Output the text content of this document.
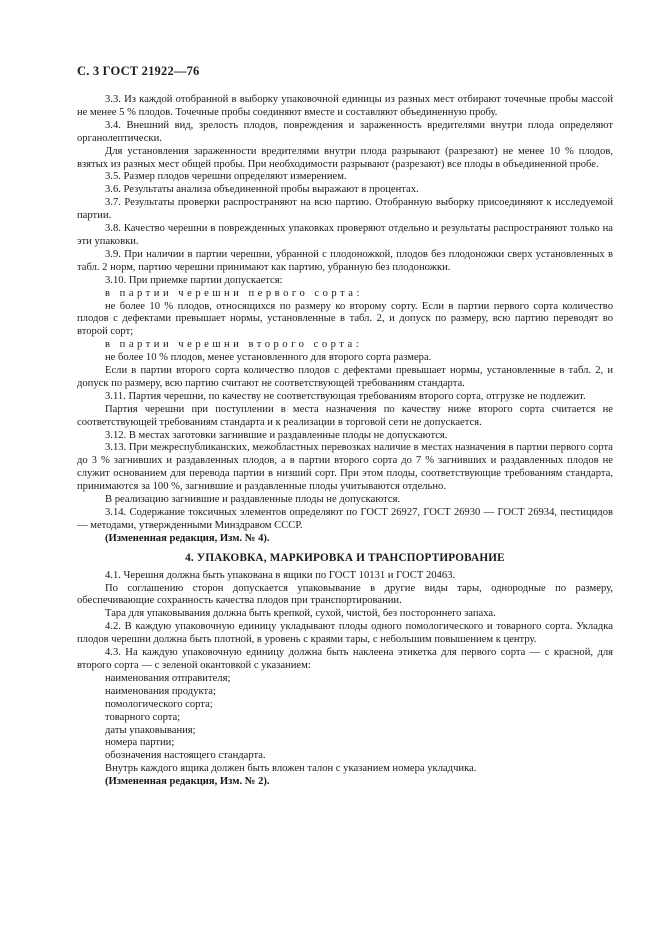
С. 3 ГОСТ 21922—76

3.3. Из каждой отобранной в выборку упаковочной единицы из разных мест отбирают точечные пробы массой не менее 5 % плодов. Точечные пробы соединяют вместе и составляют объединенную пробу.

3.4. Внешний вид, зрелость плодов, повреждения и зараженность вредителями внутри плода определяют органолептически.

Для установления зараженности вредителями внутри плода разрывают (разрезают) не менее 10 % плодов, взятых из разных мест общей пробы. При необходимости разрывают (разрезают) все плоды в объединенной пробе.

3.5. Размер плодов черешни определяют измерением.

3.6. Результаты анализа объединенной пробы выражают в процентах.

3.7. Результаты проверки распространяют на всю партию. Отобранную выборку присоединяют к исследуемой партии.

3.8. Качество черешни в поврежденных упаковках проверяют отдельно и результаты распространяют только на эти упаковки.

3.9. При наличии в партии черешни, убранной с плодоножкой, плодов без плодоножки сверх установленных в табл. 2 норм, партию черешни принимают как партию, убранную без плодоножки.

3.10. При приемке партии допускается:

в партии черешни первого сорта:

не более 10 % плодов, относящихся по размеру ко второму сорту. Если в партии первого сорта количество плодов с дефектами превышает нормы, установленные в табл. 2, и допуск по размеру, всю партию переводят во второй сорт;

в партии черешни второго сорта:

не более 10 % плодов, менее установленного для второго сорта размера.

Если в партии второго сорта количество плодов с дефектами превышает нормы, установленные в табл. 2, и допуск по размеру, всю партию считают не соответствующей требованиям стандарта.

3.11. Партия черешни, по качеству не соответствующая требованиям второго сорта, отгрузке не подлежит.

Партия черешни при поступлении в места назначения по качеству ниже второго сорта считается не соответствующей требованиям стандарта и к реализации в торговой сети не допускается.

3.12. В местах заготовки загнившие и раздавленные плоды не допускаются.

3.13. При межреспубликанских, межобластных перевозках наличие в местах назначения в партии первого сорта до 3 % загнивших и раздавленных плодов, а в партии второго сорта до 7 % загнивших и раздавленных плодов не служит основанием для перевода партии в низший сорт. При этом плоды, соответствующие требованиям стандарта, принимаются за 100 %, загнившие и раздавленные плоды учитываются отдельно.

В реализацию загнившие и раздавленные плоды не допускаются.

3.14. Содержание токсичных элементов определяют по ГОСТ 26927, ГОСТ 26930 — ГОСТ 26934, пестицидов — методами, утвержденными Минздравом СССР.

(Измененная редакция, Изм. № 4).

4. УПАКОВКА, МАРКИРОВКА И ТРАНСПОРТИРОВАНИЕ

4.1. Черешня должна быть упакована в ящики по ГОСТ 10131 и ГОСТ 20463.

По соглашению сторон допускается упаковывание в другие виды тары, однородные по размеру, обеспечивающие сохранность качества плодов при транспортировании.

Тара для упаковывания должна быть крепкой, сухой, чистой, без постороннего запаха.

4.2. В каждую упаковочную единицу укладывают плоды одного помологического и товарного сорта. Укладка плодов черешни должна быть плотной, в уровень с краями тары, с небольшим повышением к центру.

4.3. На каждую упаковочную единицу должна быть наклеена этикетка для первого сорта — с красной, для второго сорта — с зеленой окантовкой с указанием:

наименования отправителя;

наименования продукта;

помологического сорта;

товарного сорта;

даты упаковывания;

номера партии;

обозначения настоящего стандарта.

Внутрь каждого ящика должен быть вложен талон с указанием номера укладчика.

(Измененная редакция, Изм. № 2).
